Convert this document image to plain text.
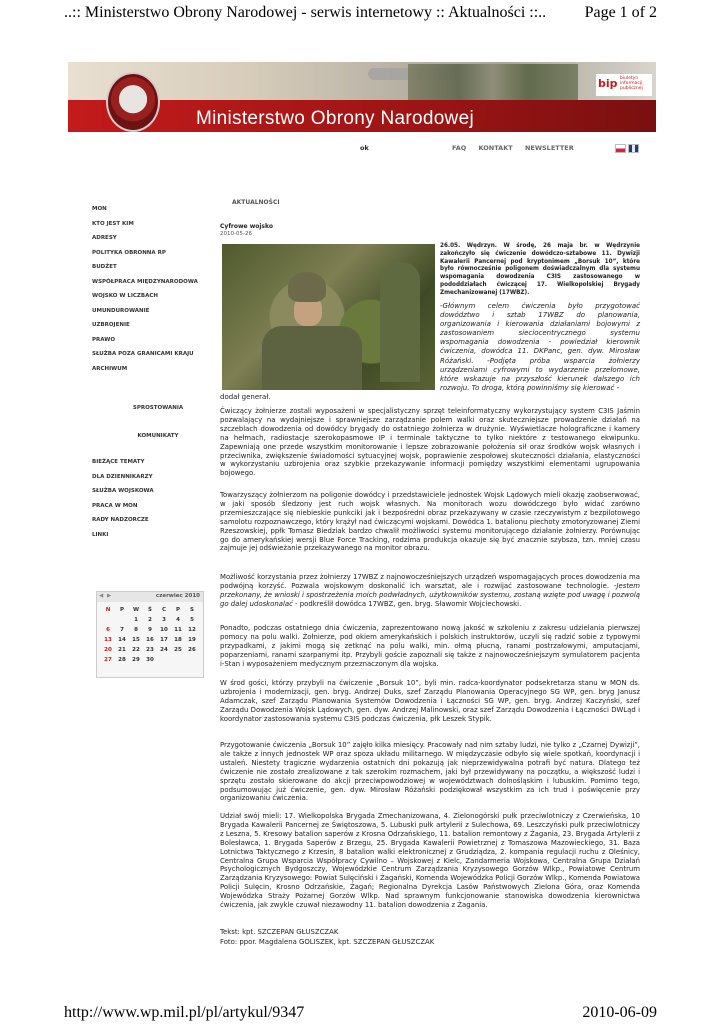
..:: Ministerstwo Obrony Narodowej - serwis internetowy :: Aktualności ::.. Page 1 of 2
Ministerstwo Obrony Narodowej
bip biuletyn informacji publicznej
ok	FAQ KONTAKT NEWSLETTER
MON
KTO JEST KIM
ADRESY
POLITYKA OBRONNA RP
BUDŻET
WSPÓŁPRACA MIĘDZYNARODOWA
WOJSKO W LICZBACH
UMUNDUROWANIE
UZBROJENIE
PRAWO
SŁUŻBA POZA GRANICAMI KRAJU
ARCHIWUM
SPROSTOWANIA
KOMUNIKATY
BIEŻĄCE TEMATY
DLA DZIENNIKARZY
SŁUŻBA WOJSKOWA
PRACA W MON
RADY NADZORCZE
LINKI
◀ ▶	czerwiec 2010
N	P	W	Ś	C	P	S
		1	2	3	4	5
6	7	8	9	10	11	12
13	14	15	16	17	18	19
20	21	22	23	24	25	26
27	28	29	30			
AKTUALNOŚCI
Cyfrowe wojsko
2010-05-26
26.05. Wędrzyn. W środę, 26 maja br. w Wędrzynie zakończyło się ćwiczenie dowódczo-sztabowe 11. Dywizji Kawalerii Pancernej pod kryptonimem „Borsuk 10”, które było równocześnie poligonem doświadczalnym dla systemu wspomagania dowodzenia C3IS zastosowanego w pododdziałach ćwiczącej 17. Wielkopolskiej Brygady Zmechanizowanej (17WBZ).
-Głównym celem ćwiczenia było przygotować dowództwo i sztab 17WBZ do planowania, organizowania i kierowania działaniami bojowymi z zastosowaniem sieciocentrycznego systemu wspomagania dowodzenia - powiedział kierownik ćwiczenia, dowódca 11. DKPanc, gen. dyw. Mirosław Różański. -Podjęta próba wsparcia żołnierzy urządzeniami cyfrowymi to wydarzenie przełomowe, które wskazuje na przyszłość kierunek dalszego ich rozwoju. To droga, którą powinniśmy się kierować -
dodał generał.
Ćwiczący żołnierze zostali wyposażeni w specjalistyczny sprzęt teleinformatyczny wykorzystujący system C3IS Jaśmin pozwalający na wydajniejsze i sprawniejsze zarządzanie polem walki oraz skuteczniejsze prowadzenie działań na szczeblach dowodzenia od dowódcy brygady do ostatniego żołnierza w drużynie. Wyświetlacze holograficzne i kamery na hełmach, radiostacje szerokopasmowe IP i terminale taktyczne to tylko niektóre z testowanego ekwipunku. Zapewniają one przede wszystkim monitorowanie i lepsze zobrazowanie położenia sił oraz środków wojsk własnych i przeciwnika, zwiększenie świadomości sytuacyjnej wojsk, poprawienie zespołowej skuteczności działania, elastyczności w wykorzystaniu uzbrojenia oraz szybkie przekazywanie informacji pomiędzy wszystkimi elementami ugrupowania bojowego.
Towarzyszący żołnierzom na poligonie dowódcy i przedstawiciele jednostek Wojsk Lądowych mieli okazję zaobserwować, w jaki sposób śledzony jest ruch wojsk własnych. Na monitorach wozu dowódczego było widać zarówno przemieszczające się niebieskie punkciki jak i bezpośredni obraz przekazywany w czasie rzeczywistym z bezpilotowego samolotu rozpoznawczego, który krążył nad ćwiczącymi wojskami. Dowódca 1. batalionu piechoty zmotoryzowanej Ziemi Rzeszowskiej, ppłk Tomasz Biedziak bardzo chwalił możliwości systemu monitorującego działanie żołnierzy. Porównując go do amerykańskiej wersji Blue Force Tracking, rodzima produkcja okazuje się być znacznie szybsza, tzn. mniej czasu zajmuje jej odświeżanie przekazywanego na monitor obrazu.
Możliwość korzystania przez żołnierzy 17WBZ z najnowocześniejszych urządzeń wspomagających proces dowodzenia ma podwójną korzyść. Pozwala wojskowym doskonalić ich warsztat, ale i rozwijać zastosowane technologie. -Jestem przekonany, że wnioski i spostrzeżenia moich podwładnych, użytkowników systemu, zostaną wzięte pod uwagę i pozwolą go dalej udoskonalać - podkreślił dowódca 17WBZ, gen. bryg. Sławomir Wojciechowski.
Ponadto, podczas ostatniego dnia ćwiczenia, zaprezentowano nową jakość w szkoleniu z zakresu udzielania pierwszej pomocy na polu walki. Żołnierze, pod okiem amerykańskich i polskich instruktorów, uczyli się radzić sobie z typowymi przypadkami, z jakimi mogą się zetknąć na polu walki, min. ołmą płucną, ranami postrzałowymi, amputacjami, poparzeniami, ranami szarpanymi itp. Przybyli goście zapoznali się także z najnowocześniejszym symulatorem pacjenta i-Stan i wyposażeniem medycznym przeznaczonym dla wojska.
W środ gości, którzy przybyli na ćwiczenie „Borsuk 10”, byli min. radca-koordynator podsekretarza stanu w MON ds. uzbrojenia i modernizacji, gen. bryg. Andrzej Duks, szef Zarządu Planowania Operacyjnego SG WP, gen. bryg Janusz Adamczak, szef Zarządu Planowania Systemów Dowodzenia i Łączności SG WP, gen. bryg. Andrzej Kaczyński, szef Zarządu Dowodzenia Wojsk Lądowych, gen. dyw. Andrzej Malinowski, oraz szef Zarządu Dowodzenia i Łączności DWLąd i koordynator zastosowania systemu C3IS podczas ćwiczenia, płk Leszek Stypik.
Przygotowanie ćwiczenia „Borsuk 10” zajęło kilka miesięcy. Pracowały nad nim sztaby ludzi, nie tylko z „Czarnej Dywizji”, ale także z innych jednostek WP oraz spoza układu militarnego. W międzyczasie odbyło się wiele spotkań, koordynacji i ustaleń. Niestety tragiczne wydarzenia ostatnich dni pokazują jak nieprzewidywalna potrafi być natura. Dlatego też ćwiczenie nie zostało zrealizowane z tak szerokim rozmachem, jaki był przewidywany na początku, a większość ludzi i sprzętu zostało skierowane do akcji przeciwpowodziowej w województwach dolnośląskim i lubuskim. Pomimo tego, podsumowując już ćwiczenie, gen. dyw. Mirosław Różański podziękował wszystkim za ich trud i poświęcenie przy organizowaniu ćwiczenia.
Udział swój mieli: 17. Wielkopolska Brygada Zmechanizowana, 4. Zielonogórski pułk przeciwlotniczy z Czerwieńska, 10 Brygada Kawalerii Pancernej ze Świętoszowa, 5. Lubuski pułk artylerii z Sulechowa, 69. Leszczyński pułk przeciwlotniczy z Leszna, 5. Kresowy batalion saperów z Krosna Odrzańskiego, 11. batalion remontowy z Żagania, 23. Brygada Artylerii z Bolesławca, 1. Brygada Saperów z Brzegu, 25. Brygada Kawalerii Powietrznej z Tomaszowa Mazowieckiego, 31. Baza Lotnictwa Taktycznego z Krzesin, 8 batalion walki elektronicznej z Grudziądza, 2. kompania regulacji ruchu z Oleśnicy, Centralna Grupa Wsparcia Współpracy Cywilno – Wojskowej z Kielc, Zandarmeria Wojskowa, Centralna Grupa Działań Psychologicznych Bydgoszczy, Wojewódzkie Centrum Zarządzania Kryzysowego Gorzów Wlkp., Powiatowe Centrum Zarządzania Kryzysowego: Powiat Sulęciński i Żagański, Komenda Wojewódzka Policji Gorzów Wlkp., Komenda Powiatowa Policji Sulęcin, Krosno Odrzańskie, Żagań; Regionalna Dyrekcja Lasów Państwowych Zielona Góra, oraz Komenda Wojewódzka Straży Pożarnej Gorzów Wlkp. Nad sprawnym funkcjonowanie stanowiska dowodzenia kierownictwa ćwiczenia, jak zwykle czuwał niezawodny 11. batalion dowodzenia z Żagania.
Tekst: kpt. SZCZEPAN GŁUSZCZAK
Foto: ppor. Magdalena GOLISZEK, kpt. SZCZEPAN GŁUSZCZAK
http://www.wp.mil.pl/pl/artykul/9347	2010-06-09
